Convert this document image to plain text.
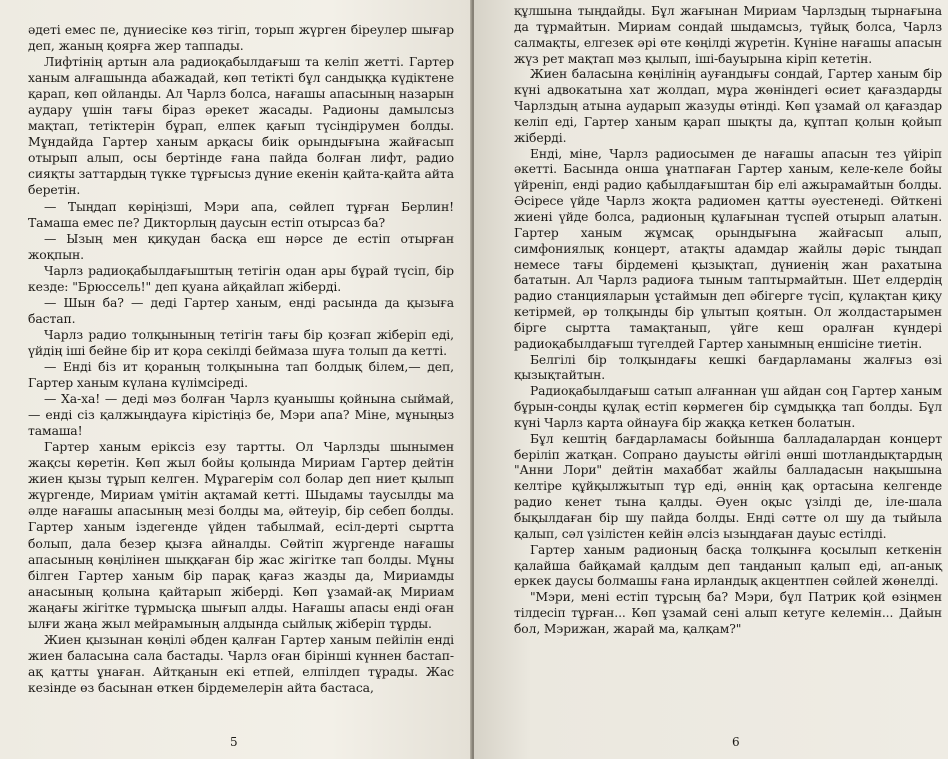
әдеті емес пе, дүниесіке көз тігіп, торып жүрген біреулер шығар деп, жаның қоярға жер таппады.

Лифтінің артын ала радиоқабылдағыш та келіп жетті. Гартер ханым алғашында абажадай, көп тетікті бұл сандыққа күдіктене қарап, көп ойланды. Ал Чарлз болса, нағашы апасының назарын аудару үшін тағы біраз әрекет жасады. Радионы дамылсыз мақтап, тетіктерін бұрап, елпек қағып түсіндірумен болды. Мұндайда Гартер ханым арқасы биік орындығына жайғасып отырып алып, осы бертінде ғана пайда болған лифт, радио сияқты заттардың түкке тұрғысыз дүние екенін қайта-қайта айта беретін.

— Тыңдап көріңізші, Мэри апа, сөйлеп тұрған Берлин! Тамаша емес пе? Дикторлың даусын естіп отырсаз ба?

— Ызың мен қиқудан басқа еш нәрсе де естіп отырған жоқпын.

Чарлз радиоқабылдағыштың тетігін одан ары бұрай түсіп, бір кезде: "Брюссель!" деп қуана айқайлап жіберді.

— Шын ба? — деді Гартер ханым, енді расында да қызыға бастап.

Чарлз радио толқынының тетігін тағы бір қозғап жіберіп еді, үйдің іші бейне бір ит қора секілді беймаза шуға толып да кетті.

— Енді біз ит қораның толқынына тап болдық білем,— деп, Гартер ханым күлана күлімсіреді.

— Ха-ха! — деді мәз болған Чарлз қуанышы қойнына сыймай, — енді сіз қалжыңдауға кірістіңіз бе, Мэри апа? Міне, мұныңыз тамаша!

Гартер ханым еріксіз езу тартты. Ол Чарлзды шынымен жақсы көретін. Көп жыл бойы қолында Мириам Гартер дейтін жиен қызы тұрып келген. Мұрагерім сол болар деп ниет қылып жүргенде, Мириам үмітін ақтамай кетті. Шыдамы таусылды ма әлде нағашы апасының мезі болды ма, әйтеуір, бір себеп болды. Гартер ханым іздегенде үйден табылмай, есіл-дерті сыртта болып, дала безер қызға айналды. Сөйтіп жүргенде нағашы апасының көңілінен шыққаған бір жас жігітке тап болды. Мұны білген Гартер ханым бір парақ қағаз жазды да, Мириамды анасының қолына қайтарып жіберді. Көп ұзамай-ақ Мириам жаңағы жігітке тұрмысқа шығып алды. Нағашы апасы енді оған ылғи жаңа жыл мейрамының алдында сыйлық жіберіп тұрды.

Жиен қызынан көңілі әбден қалған Гартер ханым пейілін енді жиен баласына сала бастады. Чарлз оған бірінші күннен бастап-ақ қатты ұнаған. Айтқанын екі етпей, елпілдеп тұрады. Жас кезінде өз басынан өткен бірдемелерін айта бастаса,

5

құлшына тыңдайды. Бұл жағынан Мириам Чарлздың тырнағына да тұрмайтын. Мириам сондай шыдамсыз, түйық болса, Чарлз салмақты, елгезек әрі өте көңілді жүретін. Күніне нағашы апасын жүз рет мақтап мәз қылып, іші-бауырына кіріп кететін.

Жиен баласына көңілінің ауғандығы сондай, Гартер ханым бір күні адвокатына хат жолдап, мұра жөніндегі өсиет қағаздарды Чарлздың атына аударып жазуды өтінді. Көп ұзамай ол қағаздар келіп еді, Гартер ханым қарап шықты да, құптап қолын қойып жіберді.

Енді, міне, Чарлз радиосымен де нағашы апасын тез үйіріп әкетті. Басында онша ұнатпаған Гартер ханым, келе-келе бойы үйреніп, енді радио қабылдағыштан бір елі ажырамайтын болды. Әсіресе үйде Чарлз жоқта радиомен қатты әуестенеді. Өйткені жиені үйде болса, радионың құлағынан түспей отырып алатын. Гартер ханым жұмсақ орындығына жайғасып алып, симфониялық концерт, атақты адамдар жайлы дәріс тыңдап немесе тағы бірдемені қызықтап, дүниенің жан рахатына бататын. Ал Чарлз радиоға тыным таптырмайтын. Шет елдердің радио станцияларын ұстаймын деп әбігерге түсіп, құлақтан қиқу кетірмей, әр толқынды бір ұлытып қоятын. Ол жолдастарымен бірге сыртта тамақтанып, үйге кеш оралған күндері радиоқабылдағыш түгелдей Гартер ханымның еншісіне тиетін.

Белгілі бір толқындағы кешкі бағдарламаны жалғыз өзі қызықтайтын.

Радиоқабылдағыш сатып алғаннан үш айдан соң Гартер ханым бұрын-соңды құлақ естіп көрмеген бір сұмдыққа тап болды. Бұл күні Чарлз карта ойнауға бір жаққа кеткен болатын.

Бұл кештің бағдарламасы бойынша балладалардан концерт беріліп жатқан. Сопрано дауысты әйгілі әнші шотландықтардың "Анни Лори" дейтін махаббат жайлы балладасын нақышына келтіре құйқылжытып тұр еді, әннің қақ ортасына келгенде радио кенет тына қалды. Әуен оқыс үзілді де, іле-шала бықылдаған бір шу пайда болды. Енді сәтте ол шу да тыйыла қалып, сәл үзілістен кейін әлсіз ызыңдаған дауыс естілді.

Гартер ханым радионың басқа толқынға қосылып кеткенін қалайша байқамай қалдым деп таңданып қалып еді, ап-анық еркек даусы болмашы ғана ирландық акцентпен сөйлей жөнелді.

"Мэри, мені естіп тұрсың ба? Мэри, бұл Патрик қой өзіңмен тілдесіп тұрған... Көп ұзамай сені алып кетуге келемін... Дайын бол, Мэрижан, жарай ма, қалқам?"

6
